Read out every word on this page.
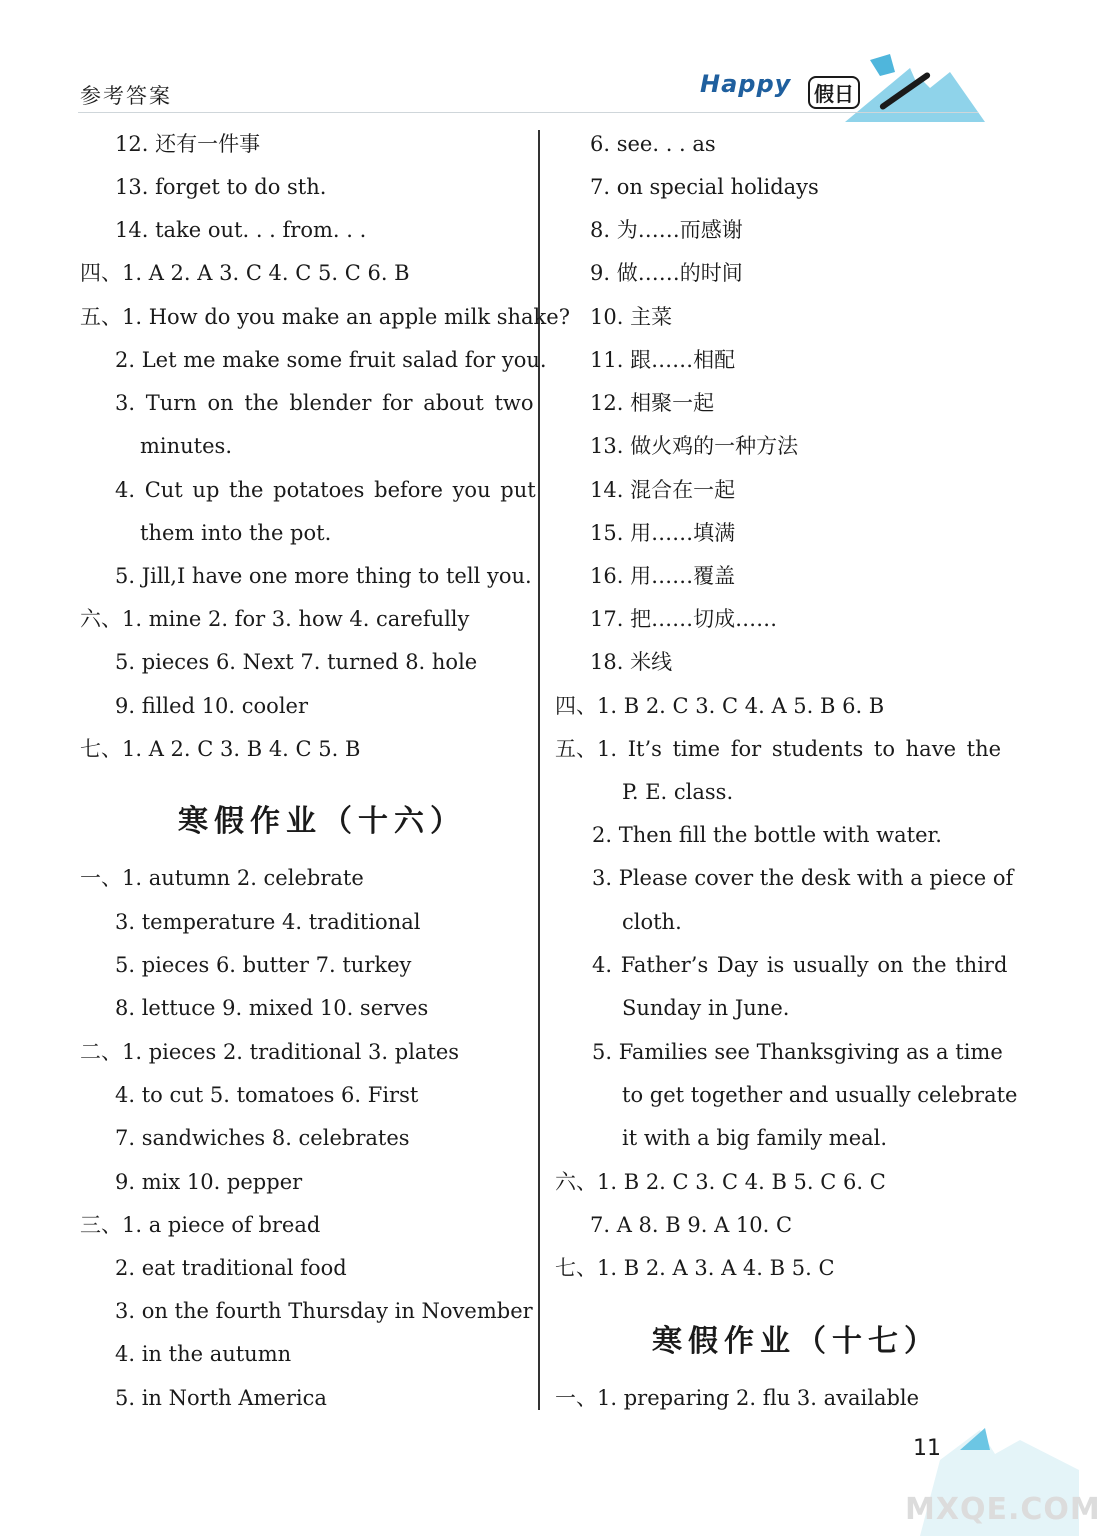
参考答案	Happy	假日
12. 还有一件事
13. forget to do sth.
14. take out. . . from. . .
四、1. A 2. A 3. C 4. C 5. C 6. B
五、1. How do you make an apple milk shake?
2. Let me make some fruit salad for you.
3. Turn on the blender for about two
minutes.
4. Cut up the potatoes before you put
them into the pot.
5. Jill,I have one more thing to tell you.
六、1. mine 2. for 3. how 4. carefully
5. pieces 6. Next 7. turned 8. hole
9. filled 10. cooler
七、1. A 2. C 3. B 4. C 5. B
寒假作业（十六）
一、1. autumn 2. celebrate
3. temperature 4. traditional
5. pieces 6. butter 7. turkey
8. lettuce 9. mixed 10. serves
二、1. pieces 2. traditional 3. plates
4. to cut 5. tomatoes 6. First
7. sandwiches 8. celebrates
9. mix 10. pepper
三、1. a piece of bread
2. eat traditional food
3. on the fourth Thursday in November
4. in the autumn
5. in North America
6. see. . . as
7. on special holidays
8. 为……而感谢
9. 做……的时间
10. 主菜
11. 跟……相配
12. 相聚一起
13. 做火鸡的一种方法
14. 混合在一起
15. 用……填满
16. 用……覆盖
17. 把……切成……
18. 米线
四、1. B 2. C 3. C 4. A 5. B 6. B
五、1. It’s time for students to have the
P. E. class.
2. Then fill the bottle with water.
3. Please cover the desk with a piece of
cloth.
4. Father’s Day is usually on the third
Sunday in June.
5. Families see Thanksgiving as a time
to get together and usually celebrate
it with a big family meal.
六、1. B 2. C 3. C 4. B 5. C 6. C
7. A 8. B 9. A 10. C
七、1. B 2. A 3. A 4. B 5. C
寒假作业（十七）
一、1. preparing 2. flu 3. available
11
MXQE.COM
